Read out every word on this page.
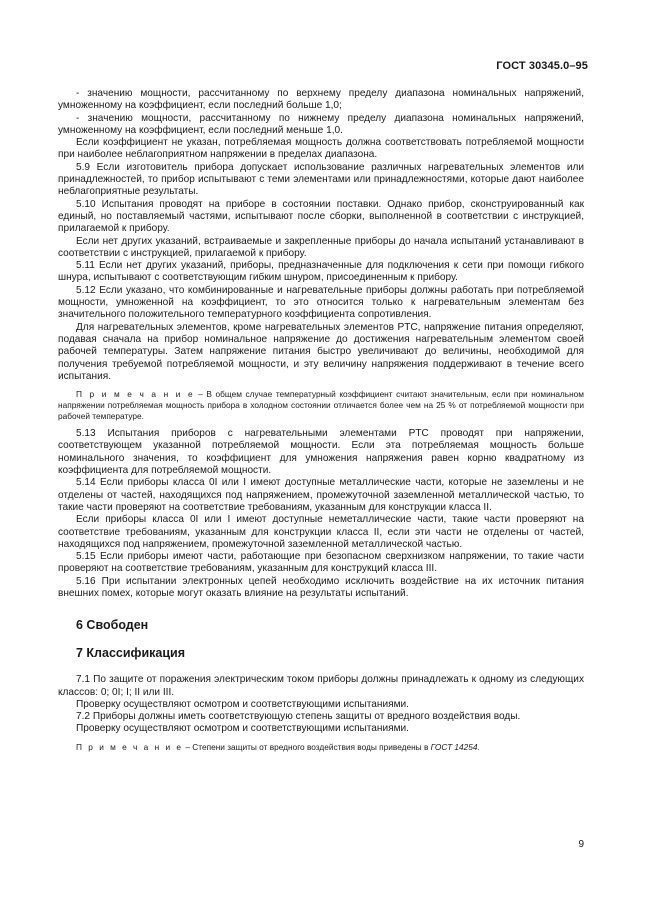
ГОСТ 30345.0–95

- значению мощности, рассчитанному по верхнему пределу диапазона номинальных напряжений, умноженному на коэффициент, если последний больше 1,0;

- значению мощности, рассчитанному по нижнему пределу диапазона номинальных напряжений, умноженному на коэффициент, если последний меньше 1,0.

Если коэффициент не указан, потребляемая мощность должна соответствовать потребляемой мощности при наиболее неблагоприятном напряжении в пределах диапазона.

5.9 Если изготовитель прибора допускает использование различных нагревательных элементов или принадлежностей, то прибор испытывают с теми элементами или принадлежностями, которые дают наиболее неблагоприятные результаты.

5.10 Испытания проводят на приборе в состоянии поставки. Однако прибор, сконструированный как единый, но поставляемый частями, испытывают после сборки, выполненной в соответствии с инструкцией, прилагаемой к прибору.

Если нет других указаний, встраиваемые и закрепленные приборы до начала испытаний устанавливают в соответствии с инструкцией, прилагаемой к прибору.

5.11 Если нет других указаний, приборы, предназначенные для подключения к сети при помощи гибкого шнура, испытывают с соответствующим гибким шнуром, присоединенным к прибору.

5.12 Если указано, что комбинированные и нагревательные приборы должны работать при потребляемой мощности, умноженной на коэффициент, то это относится только к нагревательным элементам без значительного положительного температурного коэффициента сопротивления.

Для нагревательных элементов, кроме нагревательных элементов PTC, напряжение питания определяют, подавая сначала на прибор номинальное напряжение до достижения нагревательным элементом своей рабочей температуры. Затем напряжение питания быстро увеличивают до величины, необходимой для получения требуемой потребляемой мощности, и эту величину напряжения поддерживают в течение всего испытания.

П р и м е ч а н и е – В общем случае температурный коэффициент считают значительным, если при номинальном напряжении потребляемая мощность прибора в холодном состоянии отличается более чем на 25 % от потребляемой мощности при рабочей температуре.

5.13 Испытания приборов с нагревательными элементами PTC проводят при напряжении, соответствующем указанной потребляемой мощности. Если эта потребляемая мощность больше номинального значения, то коэффициент для умножения напряжения равен корню квадратному из коэффициента для потребляемой мощности.

5.14 Если приборы класса 0I или I имеют доступные металлические части, которые не заземлены и не отделены от частей, находящихся под напряжением, промежуточной заземленной металлической частью, то такие части проверяют на соответствие требованиям, указанным для конструкции класса II.

Если приборы класса 0I или I имеют доступные неметаллические части, такие части проверяют на соответствие требованиям, указанным для конструкции класса II, если эти части не отделены от частей, находящихся под напряжением, промежуточной заземленной металлической частью.

5.15 Если приборы имеют части, работающие при безопасном сверхнизком напряжении, то такие части проверяют на соответствие требованиям, указанным для конструкций класса III.

5.16 При испытании электронных цепей необходимо исключить воздействие на их источник питания внешних помех, которые могут оказать влияние на результаты испытаний.

6 Свободен
7 Классификация

7.1 По защите от поражения электрическим током приборы должны принадлежать к одному из следующих классов: 0; 0I; I; II или III.

Проверку осуществляют осмотром и соответствующими испытаниями.

7.2 Приборы должны иметь соответствующую степень защиты от вредного воздействия воды.

Проверку осуществляют осмотром и соответствующими испытаниями.

П р и м е ч а н и е – Степени защиты от вредного воздействия воды приведены в ГОСТ 14254.

9
